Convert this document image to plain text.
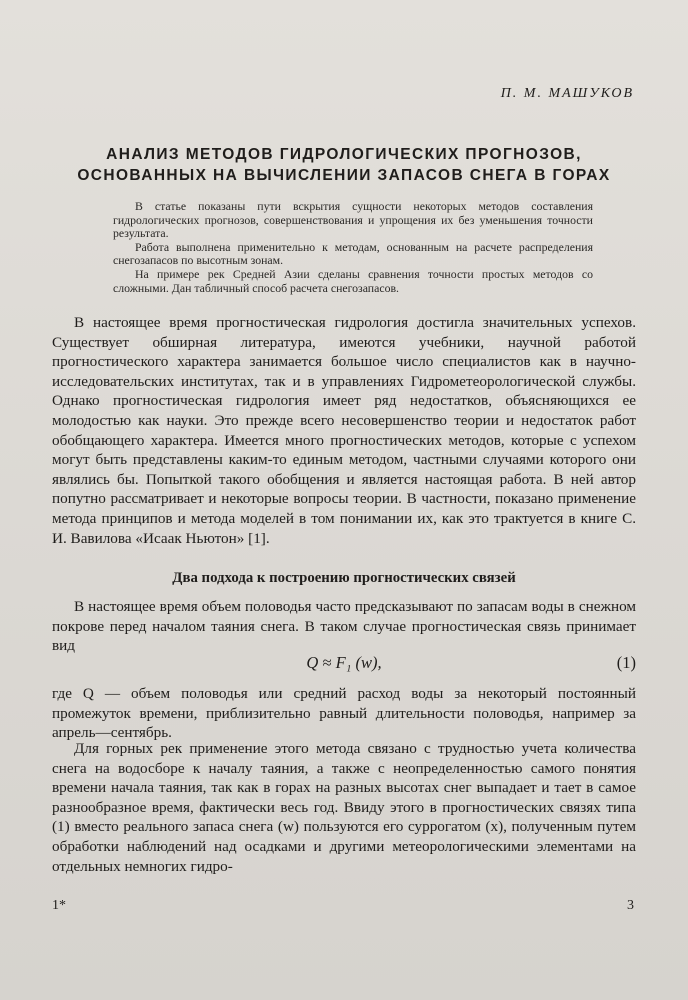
П. М. МАШУКОВ
АНАЛИЗ МЕТОДОВ ГИДРОЛОГИЧЕСКИХ ПРОГНОЗОВ,
ОСНОВАННЫХ НА ВЫЧИСЛЕНИИ ЗАПАСОВ СНЕГА В ГОРАХ

В статье показаны пути вскрытия сущности некоторых методов составления гидрологических прогнозов, совершенствования и упрощения их без уменьшения точности результата.

Работа выполнена применительно к методам, основанным на расчете распределения снегозапасов по высотным зонам.

На примере рек Средней Азии сделаны сравнения точности простых методов со сложными. Дан табличный способ расчета снегозапасов.

В настоящее время прогностическая гидрология достигла значительных успехов. Существует обширная литература, имеются учебники, научной работой прогностического характера занимается большое число специалистов как в научно-исследовательских институтах, так и в управлениях Гидрометеорологической службы. Однако прогностическая гидрология имеет ряд недостатков, объясняющихся ее молодостью как науки. Это прежде всего несовершенство теории и недостаток работ обобщающего характера. Имеется много прогностических методов, которые с успехом могут быть представлены каким-то единым методом, частными случаями которого они являлись бы. Попыткой такого обобщения и является настоящая работа. В ней автор попутно рассматривает и некоторые вопросы теории. В частности, показано применение метода принципов и метода моделей в том понимании их, как это трактуется в книге С. И. Вавилова «Исаак Ньютон» [1].

Два подхода к построению прогностических связей

В настоящее время объем половодья часто предсказывают по запасам воды в снежном покрове перед началом таяния снега. В таком случае прогностическая связь принимает вид

Q ≈ F₁ (w),	(1)

где Q — объем половодья или средний расход воды за некоторый постоянный промежуток времени, приблизительно равный длительности половодья, например за апрель—сентябрь.

Для горных рек применение этого метода связано с трудностью учета количества снега на водосборе к началу таяния, а также с неопределенностью самого понятия времени начала таяния, так как в горах на разных высотах снег выпадает и тает в самое разнообразное время, фактически весь год. Ввиду этого в прогностических связях типа (1) вместо реального запаса снега (w) пользуются его суррогатом (x), полученным путем обработки наблюдений над осадками и другими метеорологическими элементами на отдельных немногих гидро-

1*	3
